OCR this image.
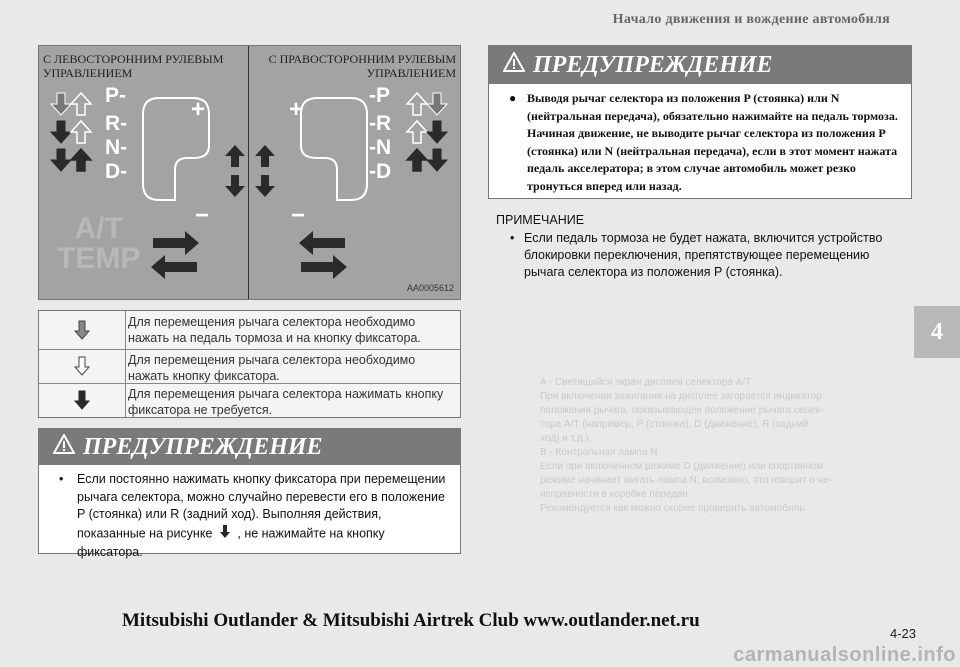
Начало движения и вождение автомобиля
4
A - Светящийся экран дисплея селектора A/T
При включении зажигания на дисплее загорается индикатор
положения рычага, показывающее положение рычага селек-
тора A/T (например, P (стоянка), D (движение), R (задний
ход) и т.д.).
B - Контрольная лампа N
Если при включенном режиме D (движение) или спортивном
режиме начинает мигать лампа N, возможно, это говорит о не-
исправности в коробке передач.
Рекомендуется как можно скорее проверить автомобиль.
A/T
TEMP
С ЛЕВОСТОРОННИМ РУЛЕВЫМ
УПРАВЛЕНИЕМ
С ПРАВОСТОРОННИМ РУЛЕВЫМ
УПРАВЛЕНИЕМ
P-
R-
N-
D-
+
−
-P
-R
-N
-D
+
−
AA0005612
Для перемещения рычага селектора необходимо нажать на педаль тормоза и на кнопку фиксатора.
Для перемещения рычага селектора необходимо нажать кнопку фиксатора.
Для перемещения рычага селектора нажимать кнопку фиксатора не требуется.
ПРЕДУПРЕЖДЕНИЕ
•	Если постоянно нажимать кнопку фиксатора при перемещении рычага селектора, можно случайно перевести его в положение P (стоянка) или R (задний ход). Выполняя действия, показанные на рисунке , не нажимайте на кнопку фиксатора.
ПРЕДУПРЕЖДЕНИЕ
● Выводя рычаг селектора из положения P (стоянка) или N (нейтральная передача), обязательно нажимайте на педаль тормоза. Начиная движение, не выводите рычаг селектора из положения P (стоянка) или N (нейтральная передача), если в этот момент нажата педаль акселератора; в этом случае автомобиль может резко тронуться вперед или назад.
ПРИМЕЧАНИЕ
• Если педаль тормоза не будет нажата, включится устройство блокировки переключения, препятствующее перемещению рычага селектора из положения P (стоянка).
Mitsubishi Outlander & Mitsubishi Airtrek Club www.outlander.net.ru
4-23
carmanualsonline.info
